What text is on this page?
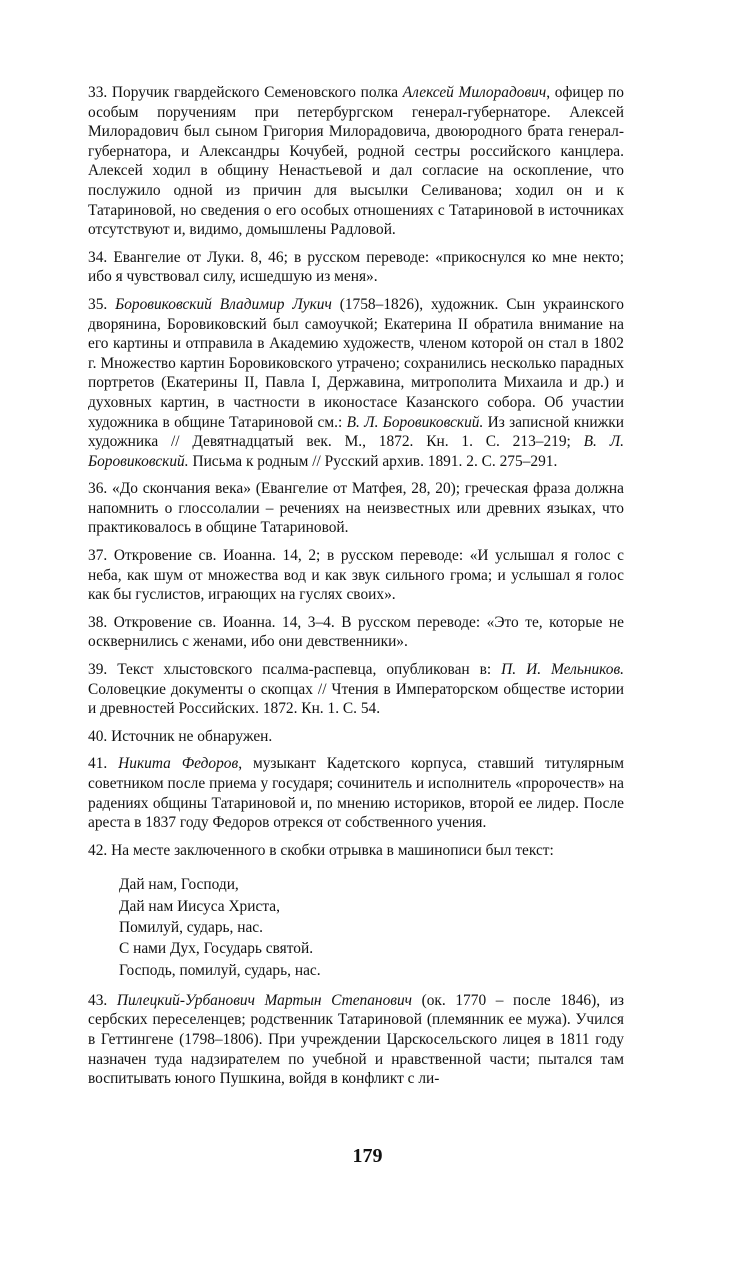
33. Поручик гвардейского Семеновского полка Алексей Милорадович, офицер по особым поручениям при петербургском генерал-губернаторе. Алексей Милорадович был сыном Григория Милорадовича, двоюродного брата генерал-губернатора, и Александры Кочубей, родной сестры российского канцлера. Алексей ходил в общину Ненастьевой и дал согласие на оскопление, что послужило одной из причин для высылки Селиванова; ходил он и к Татариновой, но сведения о его особых отношениях с Татариновой в источниках отсутствуют и, видимо, домышлены Радловой.

34. Евангелие от Луки. 8, 46; в русском переводе: «прикоснулся ко мне некто; ибо я чувствовал силу, исшедшую из меня».

35. Боровиковский Владимир Лукич (1758–1826), художник. Сын украинского дворянина, Боровиковский был самоучкой; Екатерина II обратила внимание на его картины и отправила в Академию художеств, членом которой он стал в 1802 г. Множество картин Боровиковского утрачено; сохранились несколько парадных портретов (Екатерины II, Павла I, Державина, митрополита Михаила и др.) и духовных картин, в частности в иконостасе Казанского собора. Об участии художника в общине Татариновой см.: В. Л. Боровиковский. Из записной книжки художника // Девятнадцатый век. М., 1872. Кн. 1. С. 213–219; В. Л. Боровиковский. Письма к родным // Русский архив. 1891. 2. С. 275–291.

36. «До скончания века» (Евангелие от Матфея, 28, 20); греческая фраза должна напомнить о глоссолалии – речениях на неизвестных или древних языках, что практиковалось в общине Татариновой.

37. Откровение св. Иоанна. 14, 2; в русском переводе: «И услышал я голос с неба, как шум от множества вод и как звук сильного грома; и услышал я голос как бы гуслистов, играющих на гуслях своих».

38. Откровение св. Иоанна. 14, 3–4. В русском переводе: «Это те, которые не осквернились с женами, ибо они девственники».

39. Текст хлыстовского псалма-распевца, опубликован в: П. И. Мельников. Соловецкие документы о скопцах // Чтения в Императорском обществе истории и древностей Российских. 1872. Кн. 1. С. 54.

40. Источник не обнаружен.

41. Никита Федоров, музыкант Кадетского корпуса, ставший титулярным советником после приема у государя; сочинитель и исполнитель «пророчеств» на радениях общины Татариновой и, по мнению историков, второй ее лидер. После ареста в 1837 году Федоров отрекся от собственного учения.

42. На месте заключенного в скобки отрывка в машинописи был текст:

Дай нам, Господи,
Дай нам Иисуса Христа,
Помилуй, сударь, нас.
С нами Дух, Государь святой.
Господь, помилуй, сударь, нас.

43. Пилецкий-Урбанович Мартын Степанович (ок. 1770 – после 1846), из сербских переселенцев; родственник Татариновой (племянник ее мужа). Учился в Геттингене (1798–1806). При учреждении Царскосельского лицея в 1811 году назначен туда надзирателем по учебной и нравственной части; пытался там воспитывать юного Пушкина, войдя в конфликт с ли-

179
